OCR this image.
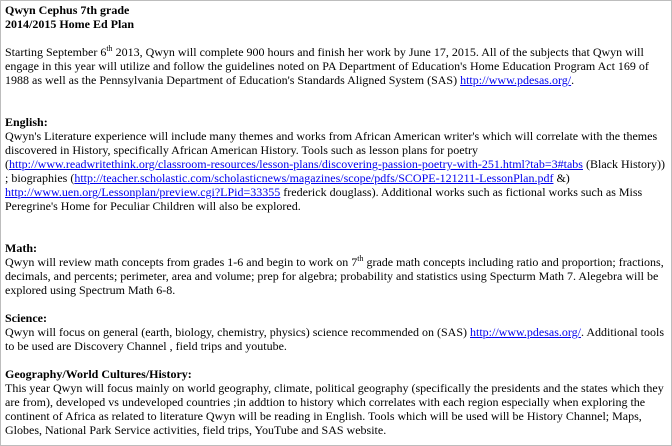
Qwyn Cephus 7th grade

2014/2015 Home Ed Plan

Starting September 6th 2013, Qwyn will complete 900 hours and finish her work by June 17, 2015. All of the subjects that Qwyn will engage in this year will utilize and follow the guidelines noted on PA Department of Education's Home Education Program Act 169 of 1988 as well as the Pennsylvania Department of Education's Standards Aligned System (SAS) http://www.pdesas.org/.

English:

Qwyn's Literature experience will include many themes and works from African American writer's which will correlate with the themes discovered in History, specifically African American History. Tools such as lesson plans for poetry (http://www.readwritethink.org/classroom-resources/lesson-plans/discovering-passion-poetry-with-251.html?tab=3#tabs (Black History)) ; biographies (http://teacher.scholastic.com/scholasticnews/magazines/scope/pdfs/SCOPE-121211-LessonPlan.pdf &) http://www.uen.org/Lessonplan/preview.cgi?LPid=33355 frederick douglass). Additional works such as fictional works such as Miss Peregrine's Home for Peculiar Children will also be explored.

Math:

Qwyn will review math concepts from grades 1-6 and begin to work on 7th grade math concepts including ratio and proportion; fractions, decimals, and percents; perimeter, area and volume; prep for algebra; probability and statistics using Specturm Math 7. Alegebra will be explored using Spectrum Math 6-8.

Science:

Qwyn will focus on general (earth, biology, chemistry, physics) science recommended on (SAS) http://www.pdesas.org/. Additional tools to be used are Discovery Channel , field trips and youtube.

Geography/World Cultures/History:

This year Qwyn will focus mainly on world geography, climate, political geography (specifically the presidents and the states which they are from), developed vs undeveloped countries ;in addtion to history which correlates with each region especially when exploring the continent of Africa as related to literature Qwyn will be reading in English. Tools which will be used will be History Channel; Maps, Globes, National Park Service activities, field trips, YouTube and SAS website.
